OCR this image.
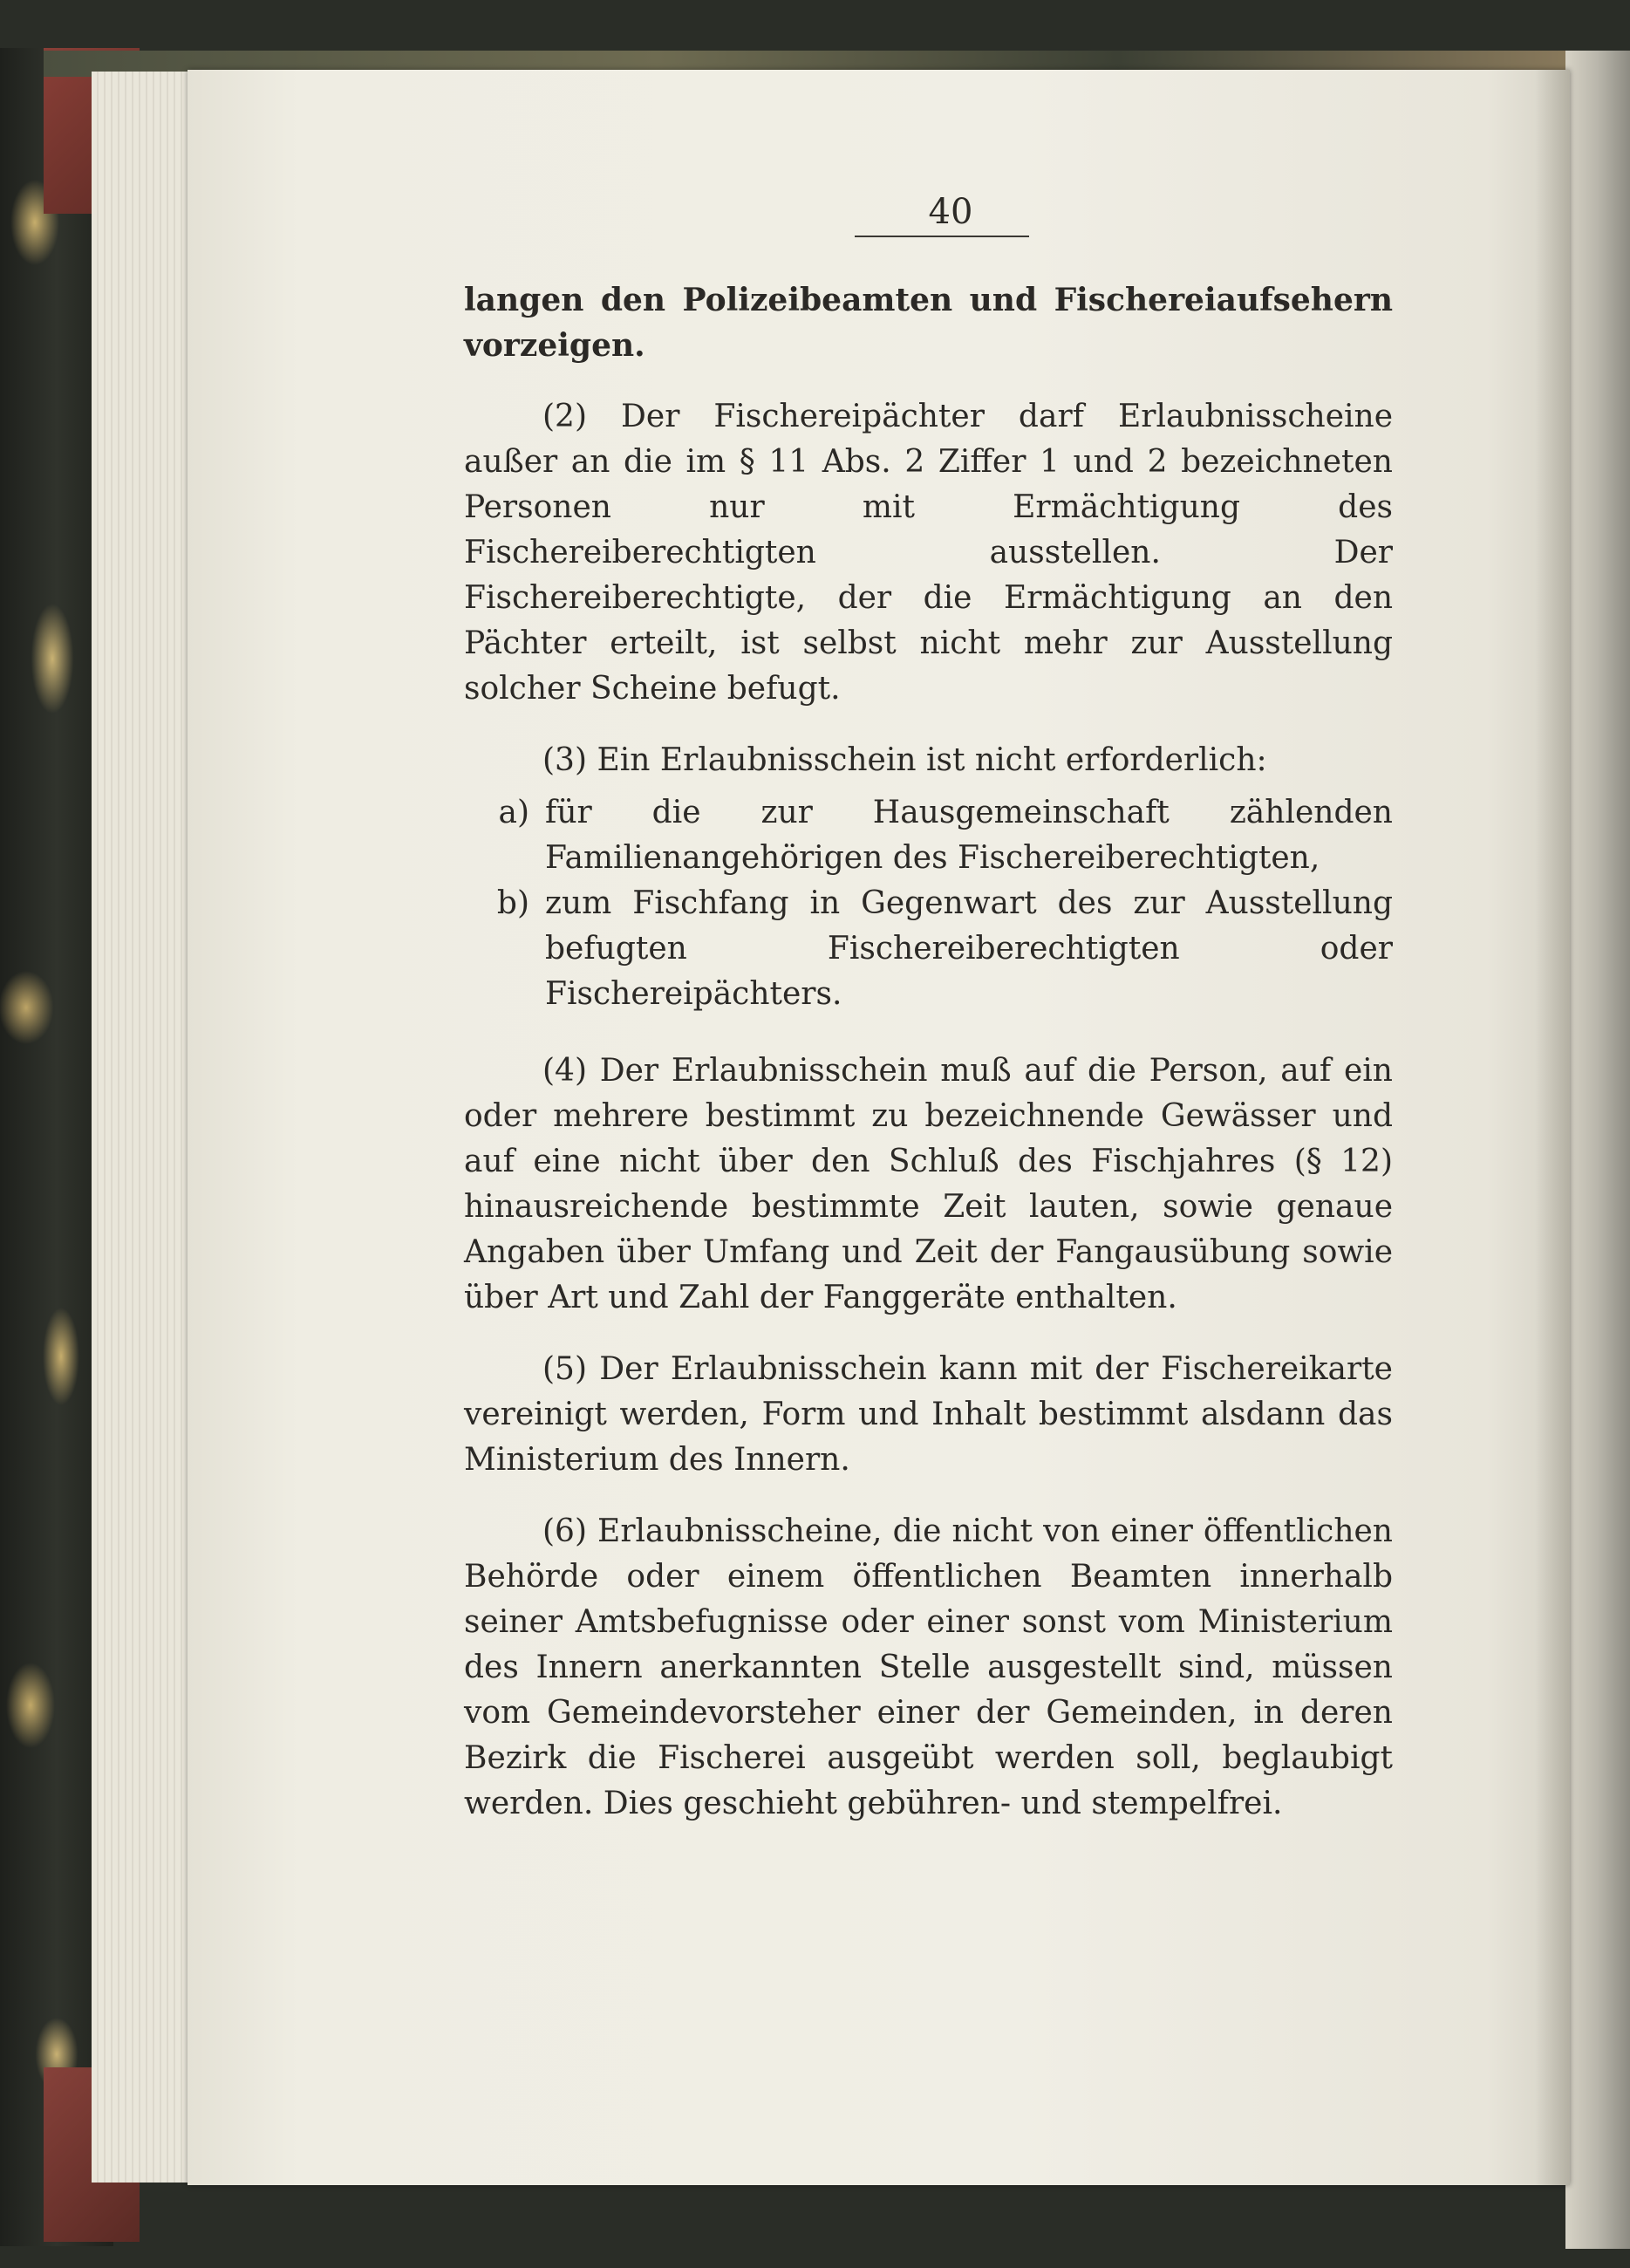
40

langen den Polizeibeamten und Fischereiaufsehern vorzeigen.

(2) Der Fischereipächter darf Erlaubnisscheine außer an die im § 11 Abs. 2 Ziffer 1 und 2 bezeichneten Personen nur mit Ermächtigung des Fischereiberechtigten ausstellen. Der Fischereiberechtigte, der die Ermächtigung an den Pächter erteilt, ist selbst nicht mehr zur Ausstellung solcher Scheine befugt.

(3) Ein Erlaubnisschein ist nicht erforderlich:

a) für die zur Hausgemeinschaft zählenden Familienangehörigen des Fischereiberechtigten,
b) zum Fischfang in Gegenwart des zur Ausstellung befugten Fischereiberechtigten oder Fischereipächters.

(4) Der Erlaubnisschein muß auf die Person, auf ein oder mehrere bestimmt zu bezeichnende Gewässer und auf eine nicht über den Schluß des Fischjahres (§ 12) hinausreichende bestimmte Zeit lauten, sowie genaue Angaben über Umfang und Zeit der Fangausübung sowie über Art und Zahl der Fanggeräte enthalten.

(5) Der Erlaubnisschein kann mit der Fischereikarte vereinigt werden, Form und Inhalt bestimmt alsdann das Ministerium des Innern.

(6) Erlaubnisscheine, die nicht von einer öffentlichen Behörde oder einem öffentlichen Beamten innerhalb seiner Amtsbefugnisse oder einer sonst vom Ministerium des Innern anerkannten Stelle ausgestellt sind, müssen vom Gemeindevorsteher einer der Gemeinden, in deren Bezirk die Fischerei ausgeübt werden soll, beglaubigt werden. Dies geschieht gebühren- und stempelfrei.
